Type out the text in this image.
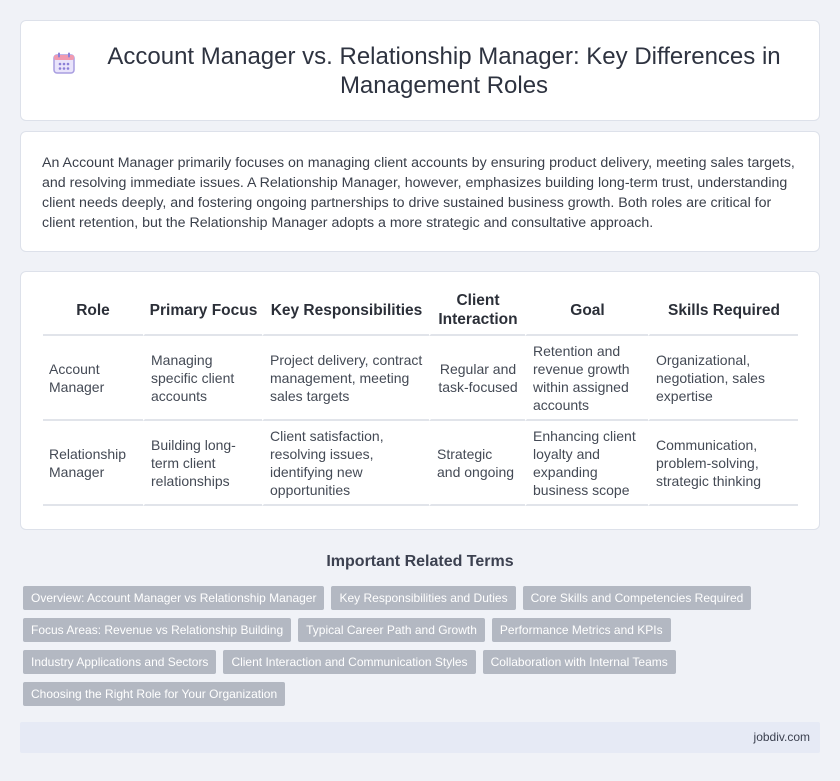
Account Manager vs. Relationship Manager: Key Differences in Management Roles

An Account Manager primarily focuses on managing client accounts by ensuring product delivery, meeting sales targets, and resolving immediate issues. A Relationship Manager, however, emphasizes building long-term trust, understanding client needs deeply, and fostering ongoing partnerships to drive sustained business growth. Both roles are critical for client retention, but the Relationship Manager adopts a more strategic and consultative approach.

Role	Primary Focus	Key Responsibilities	Client Interaction	Goal	Skills Required
Account Manager	Managing specific client accounts	Project delivery, contract management, meeting sales targets	Regular and task-focused	Retention and revenue growth within assigned accounts	Organizational, negotiation, sales expertise
Relationship Manager	Building long-term client relationships	Client satisfaction, resolving issues, identifying new opportunities	Strategic and ongoing	Enhancing client loyalty and expanding business scope	Communication, problem-solving, strategic thinking
Important Related Terms
Overview: Account Manager vs Relationship Manager	Key Responsibilities and Duties	Core Skills and Competencies Required
Focus Areas: Revenue vs Relationship Building	Typical Career Path and Growth	Performance Metrics and KPIs
Industry Applications and Sectors	Client Interaction and Communication Styles	Collaboration with Internal Teams
Choosing the Right Role for Your Organization
jobdiv.com
